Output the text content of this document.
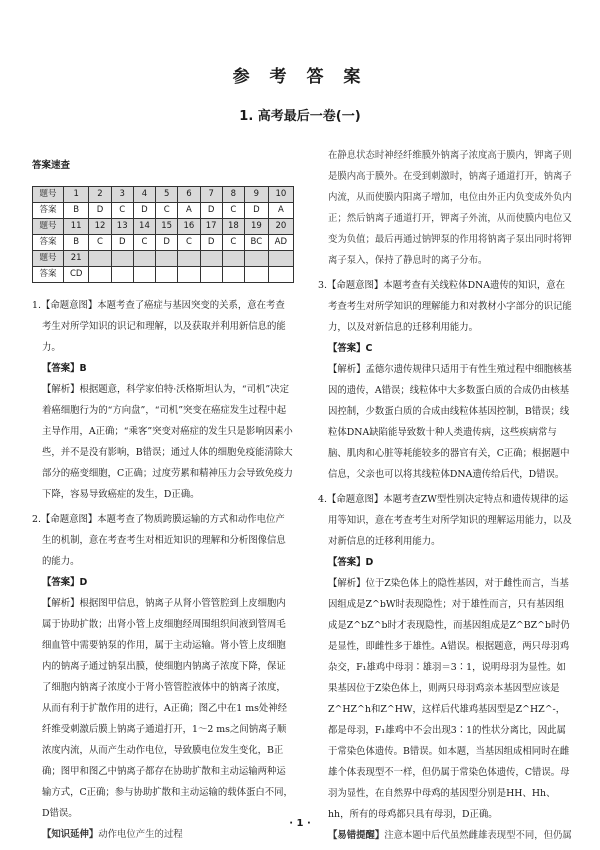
参 考 答 案
1. 高考最后一卷(一)
答案速查
题号	1	2	3	4	5	6	7	8	9	10
答案	B	D	C	D	C	A	D	C	D	A
题号	11	12	13	14	15	16	17	18	19	20
答案	B	C	D	C	D	C	D	C	BC	AD
题号	21									
答案	CD									

1.【命题意图】本题考查了癌症与基因突变的关系，意在考查考生对所学知识的识记和理解，以及获取并利用新信息的能力。

【答案】B

【解析】根据题意，科学家伯特·沃格斯坦认为，“司机”决定着癌细胞行为的“方向盘”，“司机”突变在癌症发生过程中起主导作用，A正确；“乘客”突变对癌症的发生只是影响因素小些，并不是没有影响，B错误；通过人体的细胞免疫能清除大部分的癌变细胞，C正确；过度劳累和精神压力会导致免疫力下降，容易导致癌症的发生，D正确。

2.【命题意图】本题考查了物质跨膜运输的方式和动作电位产生的机制，意在考查考生对相近知识的理解和分析图像信息的能力。

【答案】D

【解析】根据图甲信息，钠离子从肾小管管腔到上皮细胞内属于协助扩散；出肾小管上皮细胞经周围组织间液到管周毛细血管中需要钠泵的作用，属于主动运输。肾小管上皮细胞内的钠离子通过钠泵出膜，使细胞内钠离子浓度下降，保证了细胞内钠离子浓度小于肾小管管腔液体中的钠离子浓度，从而有利于扩散作用的进行，A正确；图乙中在1 ms处神经纤维受刺激后膜上钠离子通道打开，1～2 ms之间钠离子顺浓度内流，从而产生动作电位，导致膜电位发生变化，B正确；图甲和图乙中钠离子都存在协助扩散和主动运输两种运输方式，C正确；参与协助扩散和主动运输的载体蛋白不同，D错误。

【知识延伸】动作电位产生的过程

在静息状态时神经纤维膜外钠离子浓度高于膜内，钾离子则是膜内高于膜外。在受到刺激时，钠离子通道打开，钠离子内流，从而使膜内阳离子增加，电位由外正内负变成外负内正；然后钠离子通道打开，钾离子外流，从而使膜内电位又变为负值；最后再通过钠钾泵的作用将钠离子泵出同时将钾离子泵入，保持了静息时的离子分布。

3.【命题意图】本题考查有关线粒体DNA遗传的知识，意在考查考生对所学知识的理解能力和对教材小字部分的识记能力，以及对新信息的迁移利用能力。

【答案】C

【解析】孟德尔遗传规律只适用于有性生殖过程中细胞核基因的遗传，A错误；线粒体中大多数蛋白质的合成仍由核基因控制，少数蛋白质的合成由线粒体基因控制，B错误；线粒体DNA缺陷能导致数十种人类遗传病，这些疾病常与脑、肌肉和心脏等耗能较多的器官有关，C正确；根据题中信息，父亲也可以将其线粒体DNA遗传给后代，D错误。

4.【命题意图】本题考查ZW型性别决定特点和遗传规律的运用等知识，意在考查考生对所学知识的理解运用能力，以及对新信息的迁移利用能力。

【答案】D

【解析】位于Z染色体上的隐性基因，对于雌性而言，当基因组成是Z^bW时表现隐性；对于雄性而言，只有基因组成是Z^bZ^b时才表现隐性，而基因组成是Z^BZ^b时仍是显性，即雌性多于雄性。A错误。根据题意，两只母羽鸡杂交，F₁雄鸡中母羽∶雄羽＝3∶1，说明母羽为显性。如果基因位于Z染色体上，则两只母羽鸡亲本基因型应该是Z^HZ^h和Z^HW，这样后代雄鸡基因型是Z^HZ^-，都是母羽，F₁雄鸡中不会出现3∶1的性状分离比，因此属于常染色体遗传。B错误。如本题，当基因组成相同时在雌雄个体表现型不一样，但仍属于常染色体遗传，C错误。母羽为显性，在自然界中母鸡的基因型分别是HH、Hh、hh，所有的母鸡都只具有母羽，D正确。

【易错提醒】注意本题中后代虽然雌雄表现型不同，但仍属

· 1 ·
